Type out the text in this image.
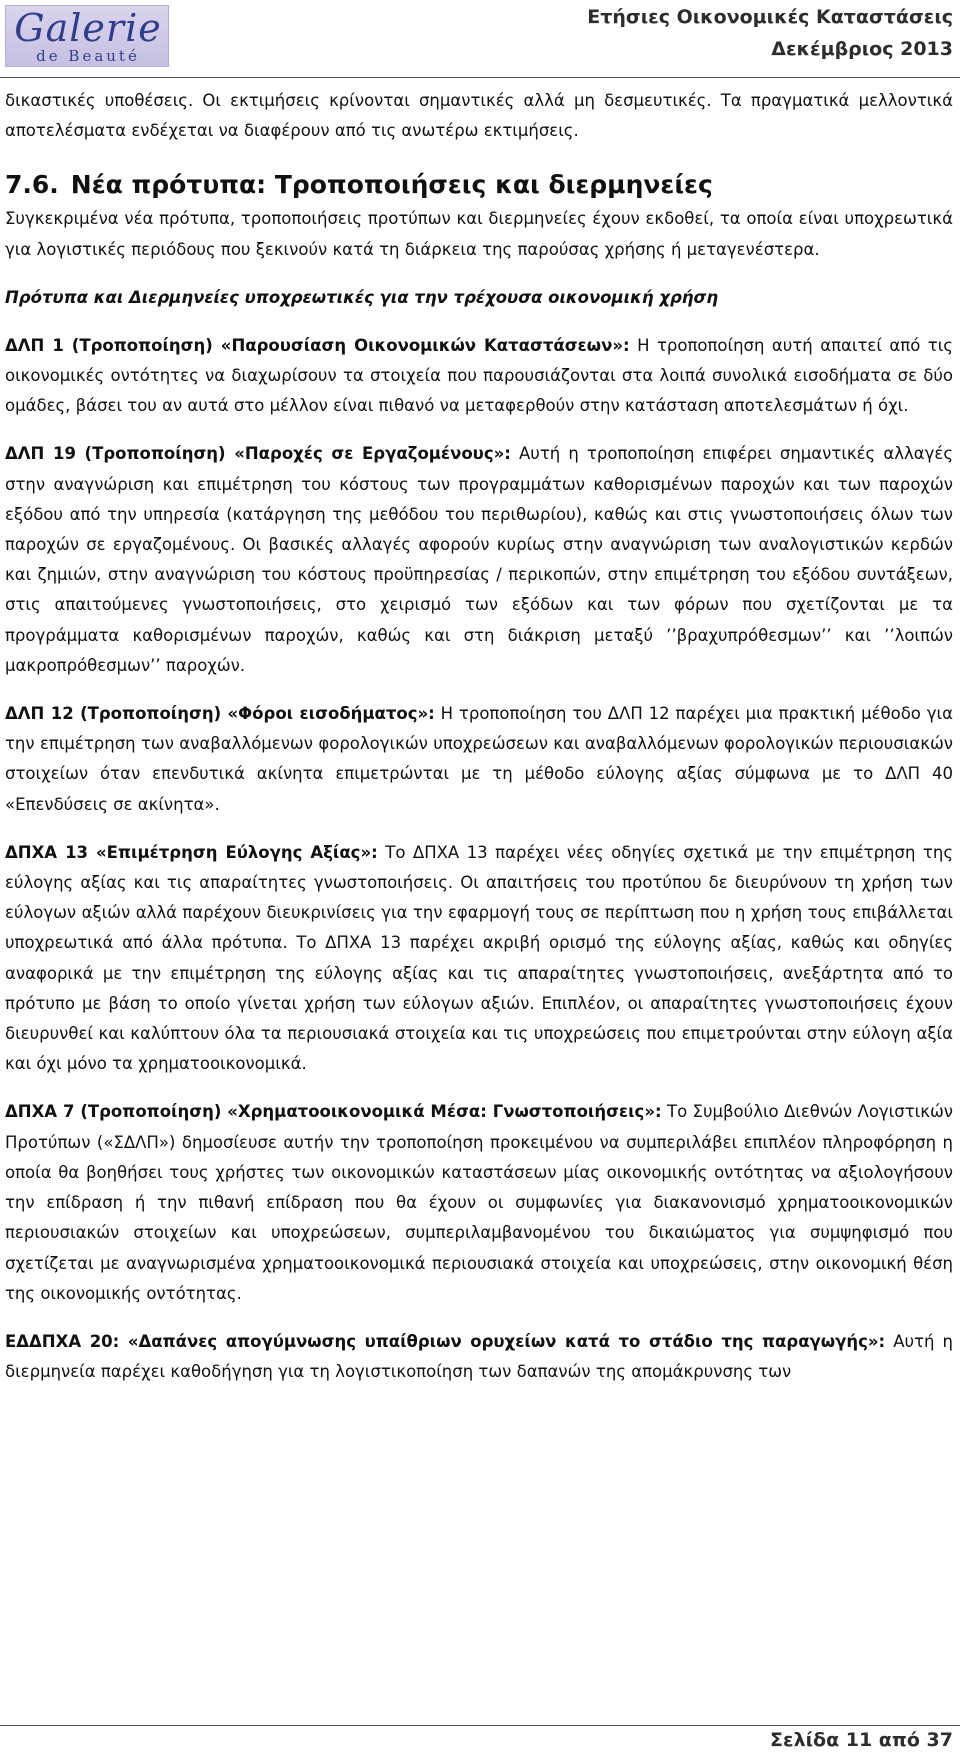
Galerie
de Beauté
Ετήσιες Οικονομικές Καταστάσεις
Δεκέμβριος 2013

δικαστικές υποθέσεις. Οι εκτιμήσεις κρίνονται σημαντικές αλλά μη δεσμευτικές. Τα πραγματικά μελλοντικά αποτελέσματα ενδέχεται να διαφέρουν από τις ανωτέρω εκτιμήσεις.

7.6. Νέα πρότυπα: Τροποποιήσεις και διερμηνείες

Συγκεκριμένα νέα πρότυπα, τροποποιήσεις προτύπων και διερμηνείες έχουν εκδοθεί, τα οποία είναι υποχρεωτικά για λογιστικές περιόδους που ξεκινούν κατά τη διάρκεια της παρούσας χρήσης ή μεταγενέστερα.

Πρότυπα και Διερμηνείες υποχρεωτικές για την τρέχουσα οικονομική χρήση

ΔΛΠ 1 (Τροποποίηση) «Παρουσίαση Οικονομικών Καταστάσεων»: Η τροποποίηση αυτή απαιτεί από τις οικονομικές οντότητες να διαχωρίσουν τα στοιχεία που παρουσιάζονται στα λοιπά συνολικά εισοδήματα σε δύο ομάδες, βάσει του αν αυτά στο μέλλον είναι πιθανό να μεταφερθούν στην κατάσταση αποτελεσμάτων ή όχι.

ΔΛΠ 19 (Τροποποίηση) «Παροχές σε Εργαζομένους»: Αυτή η τροποποίηση επιφέρει σημαντικές αλλαγές στην αναγνώριση και επιμέτρηση του κόστους των προγραμμάτων καθορισμένων παροχών και των παροχών εξόδου από την υπηρεσία (κατάργηση της μεθόδου του περιθωρίου), καθώς και στις γνωστοποιήσεις όλων των παροχών σε εργαζομένους. Οι βασικές αλλαγές αφορούν κυρίως στην αναγνώριση των αναλογιστικών κερδών και ζημιών, στην αναγνώριση του κόστους προϋπηρεσίας / περικοπών, στην επιμέτρηση του εξόδου συντάξεων, στις απαιτούμενες γνωστοποιήσεις, στο χειρισμό των εξόδων και των φόρων που σχετίζονται με τα προγράμματα καθορισμένων παροχών, καθώς και στη διάκριση μεταξύ ’’βραχυπρόθεσμων’’ και ’’λοιπών μακροπρόθεσμων’’ παροχών.

ΔΛΠ 12 (Τροποποίηση) «Φόροι εισοδήματος»: Η τροποποίηση του ΔΛΠ 12 παρέχει μια πρακτική μέθοδο για την επιμέτρηση των αναβαλλόμενων φορολογικών υποχρεώσεων και αναβαλλόμενων φορολογικών περιουσιακών στοιχείων όταν επενδυτικά ακίνητα επιμετρώνται με τη μέθοδο εύλογης αξίας σύμφωνα με το ΔΛΠ 40 «Επενδύσεις σε ακίνητα».

ΔΠΧΑ 13 «Επιμέτρηση Εύλογης Αξίας»: Το ΔΠΧΑ 13 παρέχει νέες οδηγίες σχετικά με την επιμέτρηση της εύλογης αξίας και τις απαραίτητες γνωστοποιήσεις. Οι απαιτήσεις του προτύπου δε διευρύνουν τη χρήση των εύλογων αξιών αλλά παρέχουν διευκρινίσεις για την εφαρμογή τους σε περίπτωση που η χρήση τους επιβάλλεται υποχρεωτικά από άλλα πρότυπα. Το ΔΠΧΑ 13 παρέχει ακριβή ορισμό της εύλογης αξίας, καθώς και οδηγίες αναφορικά με την επιμέτρηση της εύλογης αξίας και τις απαραίτητες γνωστοποιήσεις, ανεξάρτητα από το πρότυπο με βάση το οποίο γίνεται χρήση των εύλογων αξιών. Επιπλέον, οι απαραίτητες γνωστοποιήσεις έχουν διευρυνθεί και καλύπτουν όλα τα περιουσιακά στοιχεία και τις υποχρεώσεις που επιμετρούνται στην εύλογη αξία και όχι μόνο τα χρηματοοικονομικά.

ΔΠΧΑ 7 (Τροποποίηση) «Χρηματοοικονομικά Μέσα: Γνωστοποιήσεις»: Το Συμβούλιο Διεθνών Λογιστικών Προτύπων («ΣΔΛΠ») δημοσίευσε αυτήν την τροποποίηση προκειμένου να συμπεριλάβει επιπλέον πληροφόρηση η οποία θα βοηθήσει τους χρήστες των οικονομικών καταστάσεων μίας οικονομικής οντότητας να αξιολογήσουν την επίδραση ή την πιθανή επίδραση που θα έχουν οι συμφωνίες για διακανονισμό χρηματοοικονομικών περιουσιακών στοιχείων και υποχρεώσεων, συμπεριλαμβανομένου του δικαιώματος για συμψηφισμό που σχετίζεται με αναγνωρισμένα χρηματοοικονομικά περιουσιακά στοιχεία και υποχρεώσεις, στην οικονομική θέση της οικονομικής οντότητας.

ΕΔΔΠΧΑ 20: «Δαπάνες απογύμνωσης υπαίθριων ορυχείων κατά το στάδιο της παραγωγής»: Αυτή η διερμηνεία παρέχει καθοδήγηση για τη λογιστικοποίηση των δαπανών της απομάκρυνσης των

Σελίδα 11 από 37
